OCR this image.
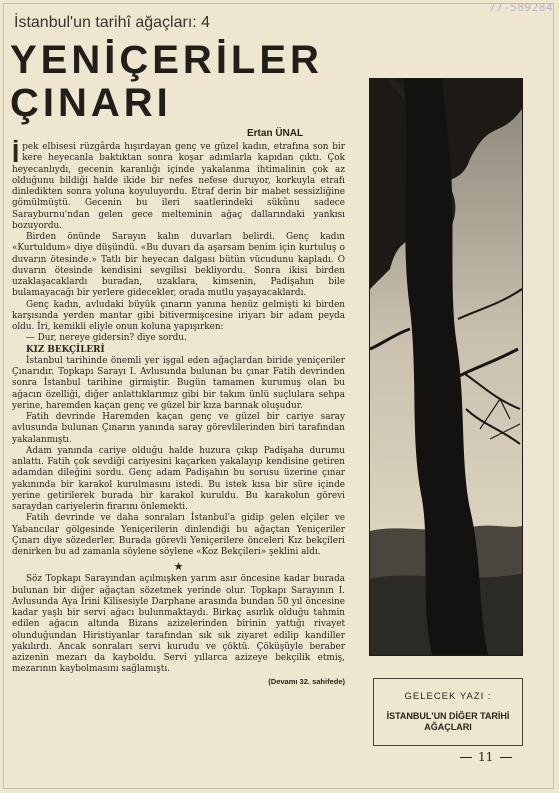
77-589284
İstanbul'un tarihî ağaçları: 4
YENİÇERİLER
ÇINARI
Ertan ÜNAL

İpek elbisesi rüzgârda hışırdayan genç ve güzel kadın, etrafına son bir kere heyecanla baktıktan sonra koşar adımlarla kapıdan çıktı. Çok heyecanlıydı, gecenin karanlığı içinde yakalanma ihtimalinin çok az olduğunu bildiği halde ikide bir nefes nefese duruyor, korkuyla etrafı dinledikten sonra yoluna koyuluyordu. Etraf derin bir mabet sessizliğine gömülmüştü. Gecenin bu ileri saatlerindeki sükûnu sadece Sarayburnu'ndan gelen gece melteminin ağaç dallarındaki yankısı bozuyordu.

Birden önünde Sarayın kalın duvarları belirdi. Genç kadın «Kurtuldum» diye düşündü. «Bu duvarı da aşarsam benim için kurtuluş o duvarın ötesinde.» Tatlı bir heyecan dalgası bütün vücudunu kapladı. O duvarın ötesinde kendisini sevgilisi bekliyordu. Sonra ikisi birden uzaklaşacaklardı buradan, uzaklara, kimsenin, Padişahın bile bulamayacağı bir yerlere gidecekler, orada mutlu yaşayacaklardı.

Genç kadın, avludaki büyük çınarın yanına henüz gelmişti ki birden karşısında yerden mantar gibi bitivermişcesine iriyarı bir adam peyda oldu. İri, kemikli eliyle onun koluna yapışırken:

— Dur, nereye gidersin? diye sordu.

KIZ BEKÇİLERİ

İstanbul tarihinde önemli yer işgal eden ağaçlardan biride yeniçeriler Çınarıdır. Topkapı Sarayı I. Avlusunda bulunan bu çınar Fatih devrinden sonra İstanbul tarihine girmiştir. Bugün tamamen kurumuş olan bu ağacın özelliği, diğer anlattıklarımız gibi bir takım ünlü suçlulara sehpa yerine, haremden kaçan genç ve güzel bir kıza barınak oluşudur.

Fatih devrinde Haremden kaçan genç ve güzel bir cariye saray avlusunda bulunan Çınarın yanında saray görevlilerinden biri tarafından yakalanmıştı.

Adam yanında cariye olduğu halde huzura çıkıp Padişaha durumu anlattı. Fatih çok sevdiği cariyesini kaçarken yakalayıp kendisine getiren adamdan dileğini sordu. Genç adam Padişahın bu sorusu üzerine çınar yakınında bir karakol kurulmasını istedi. Bu istek kısa bir süre içinde yerine getirilerek burada bir karakol kuruldu. Bu karakolun görevi saraydan cariyelerin firarını önlemekti.

Fatih devrinde ve daha sonraları İstanbul'a gidip gelen elçiler ve Yabancılar gölgesinde Yeniçerilerin dinlendiği bu ağaçtan Yeniçeriler Çınarı diye sözederler. Burada görevli Yeniçerilere önceleri Kız bekçileri denirken bu ad zamanla söylene söylene «Koz Bekçileri» şeklini aldı.

★

Söz Topkapı Sarayından açılmışken yarım asır öncesine kadar burada bulunan bir diğer ağaçtan sözetmek yerinde olur. Topkapı Sarayının I. Avlusunda Aya İrini Kilisesiyle Darphane arasında bundan 50 yıl öncesine kadar yaşlı bir servi ağacı bulunmaktaydı. Birkaç asırlık olduğu tahmin edilen ağacın altında Bizans azizelerinden birinin yattığı rivayet olunduğundan Hiristiyanlar tarafından sık sık ziyaret edilip kandiller yakılırdı. Ancak sonraları servi kurudu ve çöktü. Çöküşüyle beraber azizenin mezarı da kayboldu. Servi yıllarca azizeye bekçilik etmiş, mezarının kaybolmasını sağlamıştı.

(Devamı 32. sahifede)
GELECEK YAZI :
İSTANBUL'UN DİĞER TARİHİ AĞAÇLARI
11
